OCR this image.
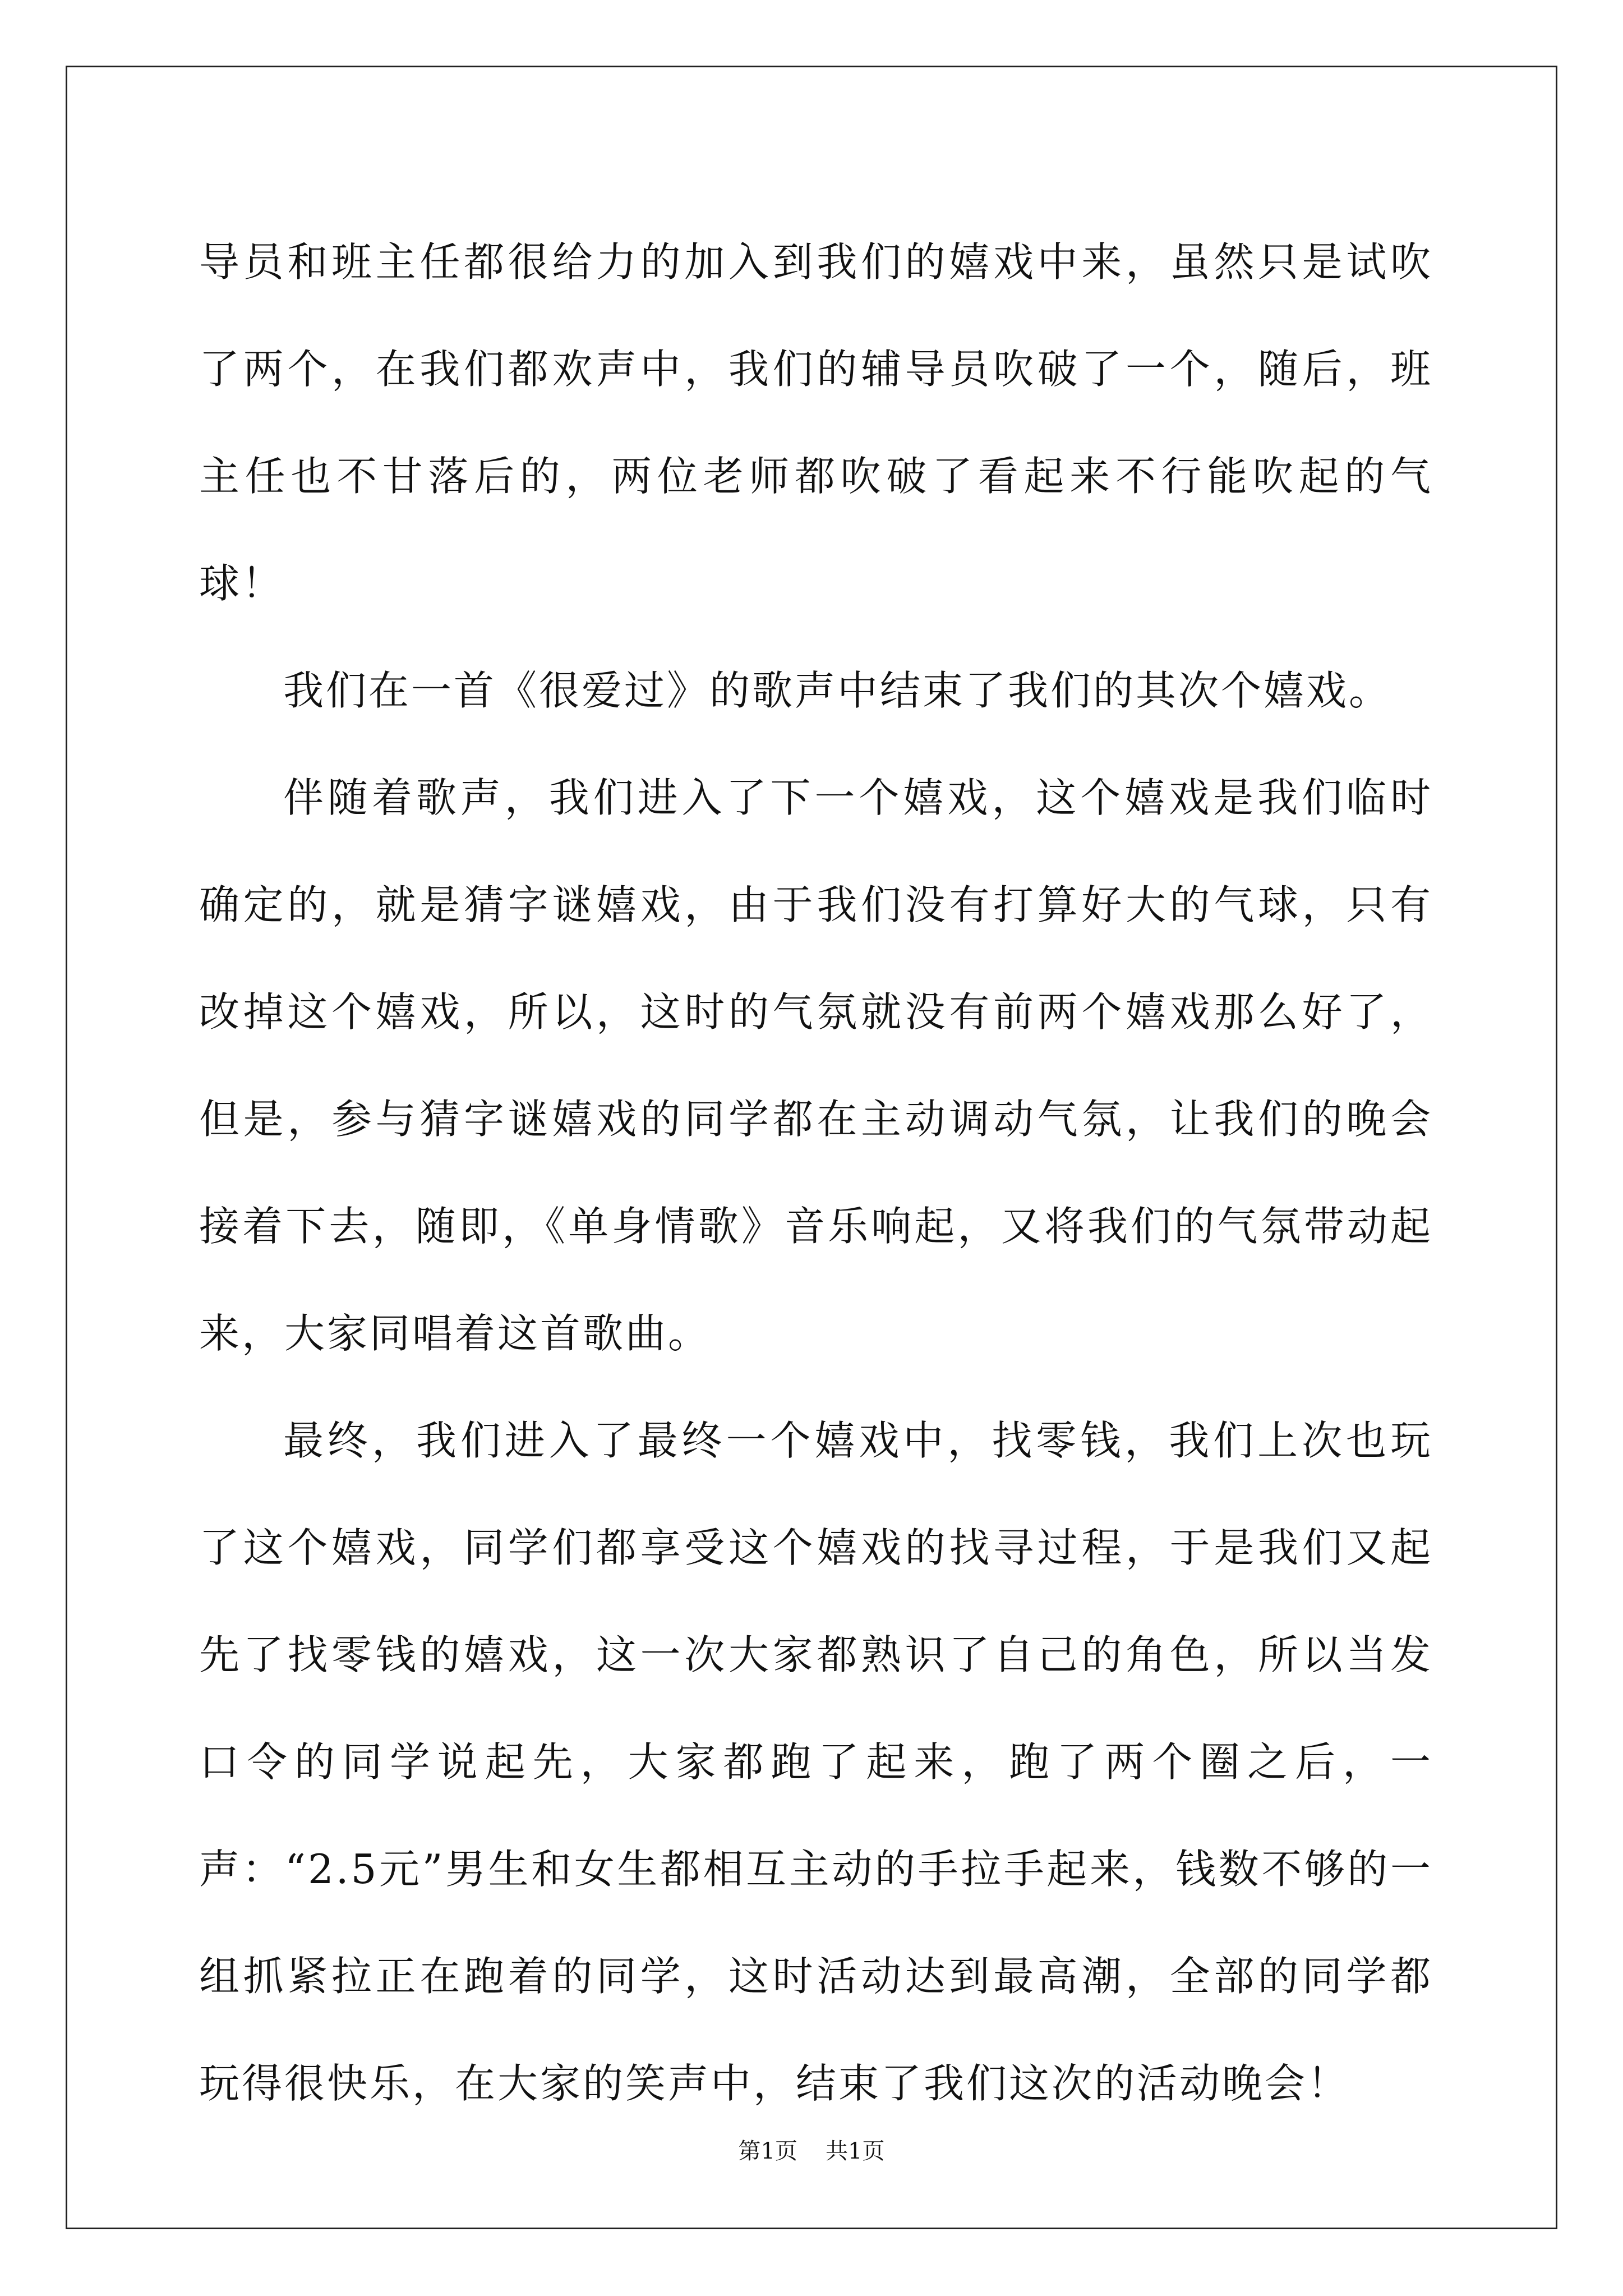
导员和班主任都很给力的加入到我们的嬉戏中来，虽然只是试吹了两个，在我们都欢声中，我们的辅导员吹破了一个，随后，班主任也不甘落后的，两位老师都吹破了看起来不行能吹起的气球！

我们在一首《很爱过》的歌声中结束了我们的其次个嬉戏。

伴随着歌声，我们进入了下一个嬉戏，这个嬉戏是我们临时确定的，就是猜字谜嬉戏，由于我们没有打算好大的气球，只有改掉这个嬉戏，所以，这时的气氛就没有前两个嬉戏那么好了，但是，参与猜字谜嬉戏的同学都在主动调动气氛，让我们的晚会接着下去，随即，《单身情歌》音乐响起，又将我们的气氛带动起来，大家同唱着这首歌曲。

最终，我们进入了最终一个嬉戏中，找零钱，我们上次也玩了这个嬉戏，同学们都享受这个嬉戏的找寻过程，于是我们又起先了找零钱的嬉戏，这一次大家都熟识了自己的角色，所以当发口令的同学说起先，大家都跑了起来，跑了两个圈之后，一声：“2.5元”男生和女生都相互主动的手拉手起来，钱数不够的一组抓紧拉正在跑着的同学，这时活动达到最高潮，全部的同学都玩得很快乐，在大家的笑声中，结束了我们这次的活动晚会！

第1页 共1页
